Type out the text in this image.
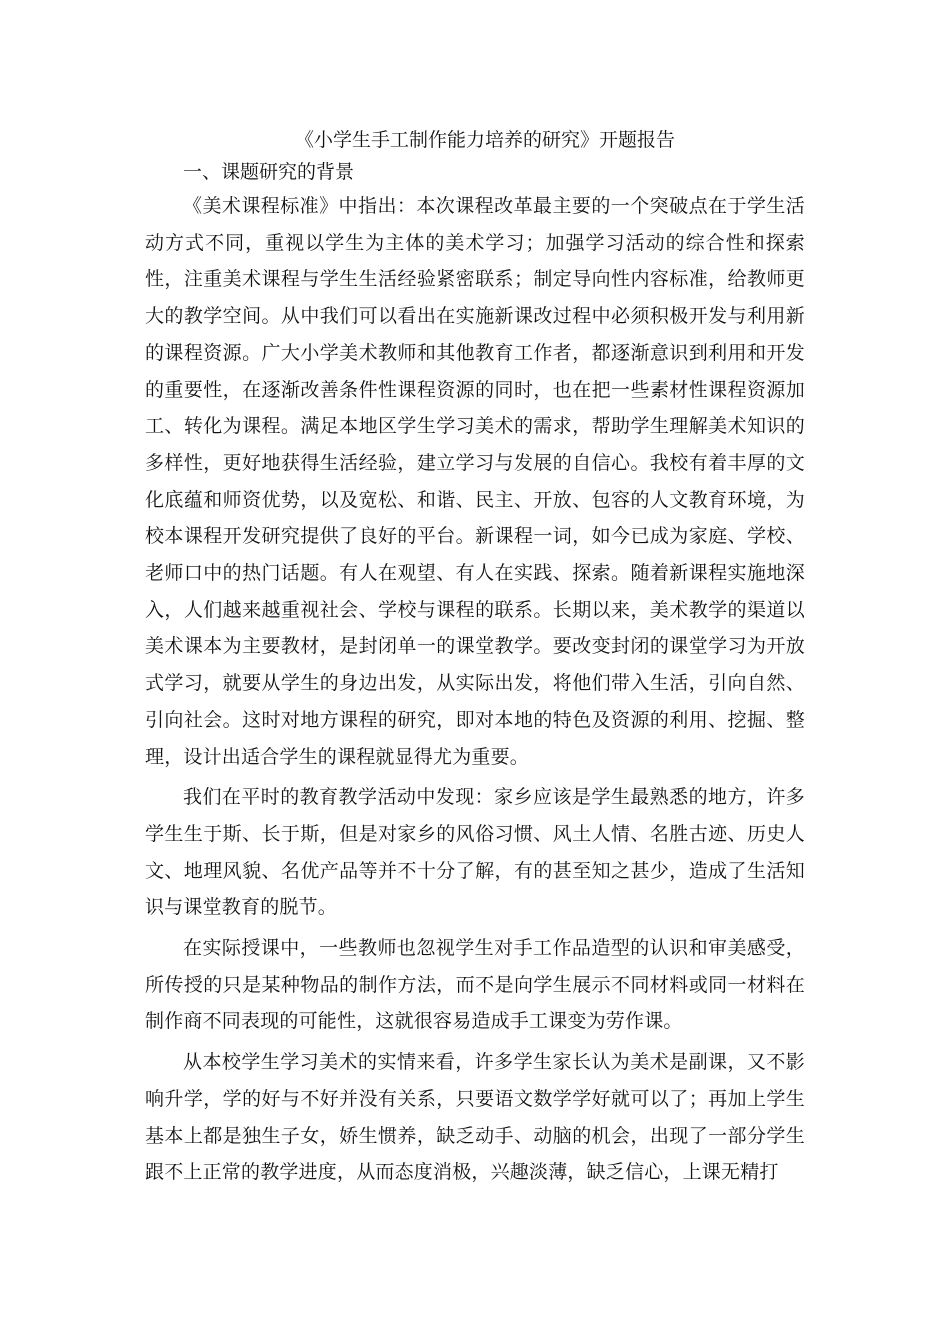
《小学生手工制作能力培养的研究》开题报告
一、课题研究的背景

《美术课程标准》中指出：本次课程改革最主要的一个突破点在于学生活动方式不同，重视以学生为主体的美术学习；加强学习活动的综合性和探索性，注重美术课程与学生生活经验紧密联系；制定导向性内容标准，给教师更大的教学空间。从中我们可以看出在实施新课改过程中必须积极开发与利用新的课程资源。广大小学美术教师和其他教育工作者，都逐渐意识到利用和开发的重要性，在逐渐改善条件性课程资源的同时，也在把一些素材性课程资源加工、转化为课程。满足本地区学生学习美术的需求，帮助学生理解美术知识的多样性，更好地获得生活经验，建立学习与发展的自信心。我校有着丰厚的文化底蕴和师资优势，以及宽松、和谐、民主、开放、包容的人文教育环境，为校本课程开发研究提供了良好的平台。新课程一词，如今已成为家庭、学校、老师口中的热门话题。有人在观望、有人在实践、探索。随着新课程实施地深入，人们越来越重视社会、学校与课程的联系。长期以来，美术教学的渠道以美术课本为主要教材，是封闭单一的课堂教学。要改变封闭的课堂学习为开放式学习，就要从学生的身边出发，从实际出发，将他们带入生活，引向自然、引向社会。这时对地方课程的研究，即对本地的特色及资源的利用、挖掘、整理，设计出适合学生的课程就显得尤为重要。

我们在平时的教育教学活动中发现：家乡应该是学生最熟悉的地方，许多学生生于斯、长于斯，但是对家乡的风俗习惯、风土人情、名胜古迹、历史人文、地理风貌、名优产品等并不十分了解，有的甚至知之甚少，造成了生活知识与课堂教育的脱节。

在实际授课中，一些教师也忽视学生对手工作品造型的认识和审美感受，所传授的只是某种物品的制作方法，而不是向学生展示不同材料或同一材料在制作商不同表现的可能性，这就很容易造成手工课变为劳作课。

从本校学生学习美术的实情来看，许多学生家长认为美术是副课，又不影响升学，学的好与不好并没有关系，只要语文数学学好就可以了；再加上学生基本上都是独生子女，娇生惯养，缺乏动手、动脑的机会，出现了一部分学生跟不上正常的教学进度，从而态度消极，兴趣淡薄，缺乏信心，上课无精打
